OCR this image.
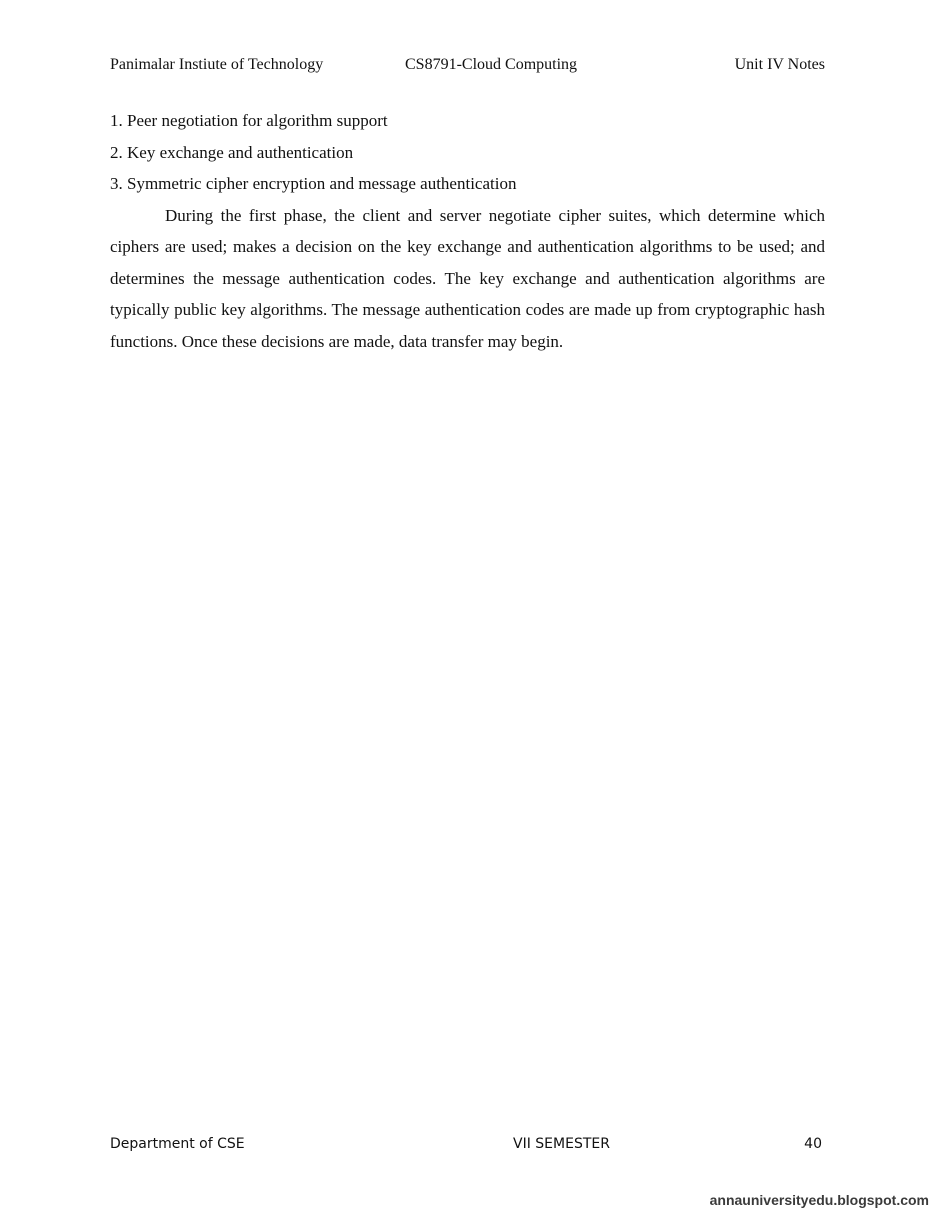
Panimalar Instiute of Technology	CS8791-Cloud Computing	Unit IV Notes

1. Peer negotiation for algorithm support

2. Key exchange and authentication

3. Symmetric cipher encryption and message authentication

During the first phase, the client and server negotiate cipher suites, which determine which ciphers are used; makes a decision on the key exchange and authentication algorithms to be used; and determines the message authentication codes. The key exchange and authentication algorithms are typically public key algorithms. The message authentication codes are made up from cryptographic hash functions. Once these decisions are made, data transfer may begin.

Department of CSE	VII SEMESTER	40
annauniversityedu.blogspot.com
